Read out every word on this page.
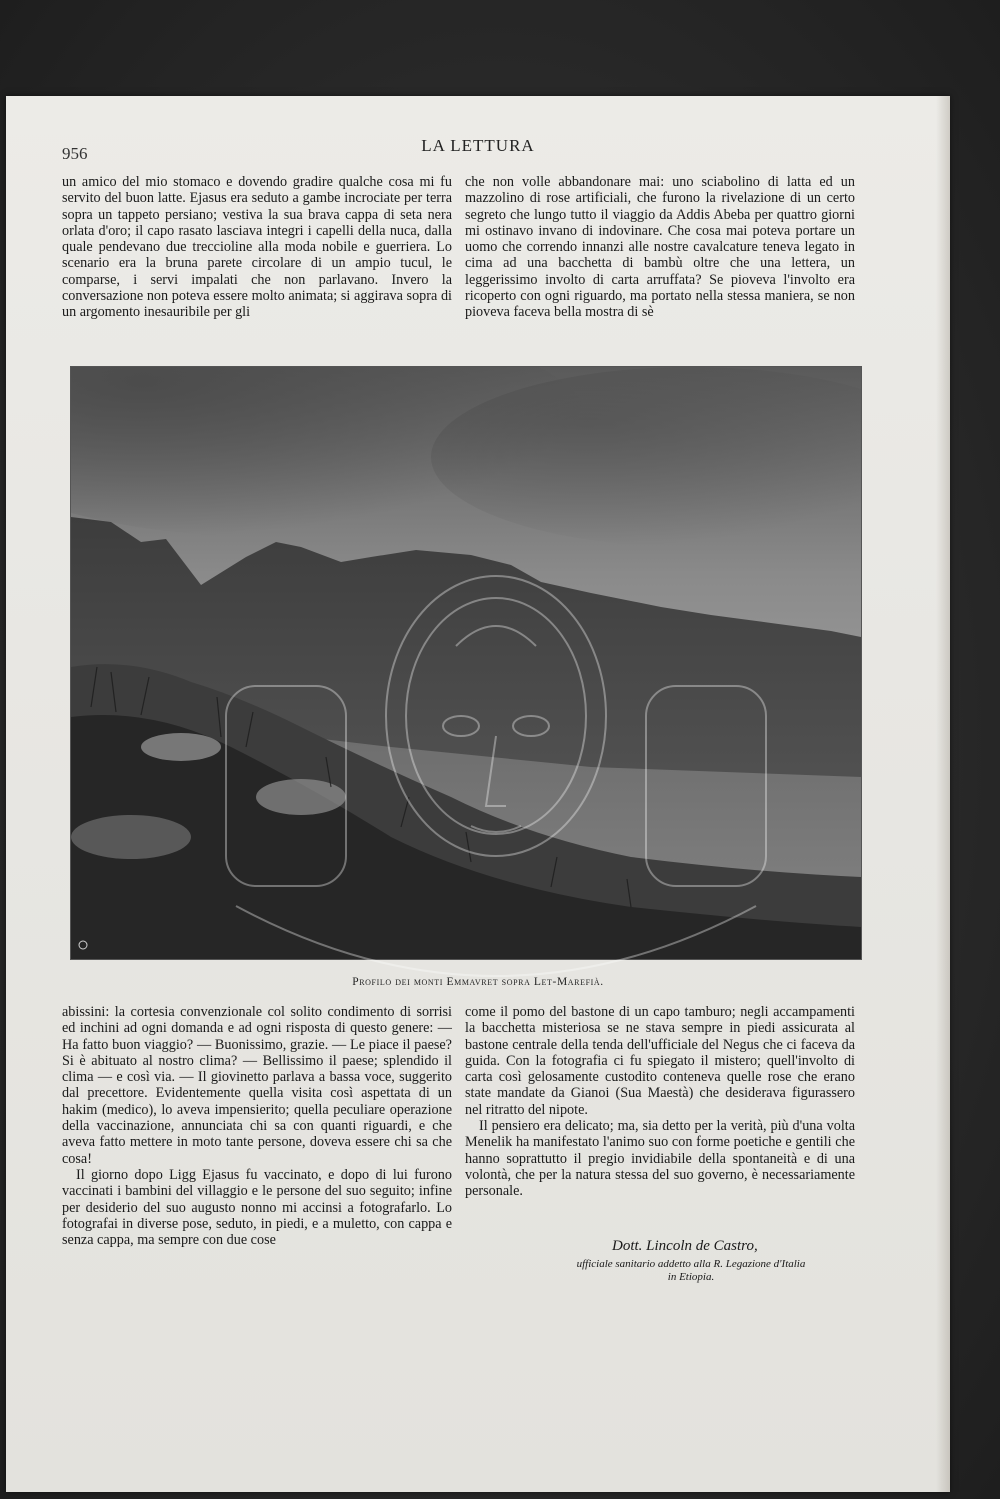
956	LA LETTURA

un amico del mio stomaco e dovendo gradire qualche cosa mi fu servito del buon latte. Ejasus era seduto a gambe incrociate per terra sopra un tappeto persiano; vestiva la sua brava cappa di seta nera orlata d'oro; il capo rasato lasciava integri i capelli della nuca, dalla quale pendevano due treccioline alla moda nobile e guerriera. Lo scenario era la bruna parete circolare di un ampio tucul, le comparse, i servi impalati che non parlavano. Invero la conversazione non poteva essere molto animata; si aggirava sopra di un argomento inesauribile per gli

che non volle abbandonare mai: uno sciabolino di latta ed un mazzolino di rose artificiali, che furono la rivelazione di un certo segreto che lungo tutto il viaggio da Addis Abeba per quattro giorni mi ostinavo invano di indovinare. Che cosa mai poteva portare un uomo che correndo innanzi alle nostre cavalcature teneva legato in cima ad una bacchetta di bambù oltre che una lettera, un leggerissimo involto di carta arruffata? Se pioveva l'involto era ricoperto con ogni riguardo, ma portato nella stessa maniera, se non pioveva faceva bella mostra di sè

Profilo dei monti Emmavret sopra Let-Marefià.

abissini: la cortesia convenzionale col solito condimento di sorrisi ed inchini ad ogni domanda e ad ogni risposta di questo genere: — Ha fatto buon viaggio? — Buonissimo, grazie. — Le piace il paese? Si è abituato al nostro clima? — Bellissimo il paese; splendido il clima — e così via. — Il giovinetto parlava a bassa voce, suggerito dal precettore. Evidentemente quella visita così aspettata di un hakim (medico), lo aveva impensierito; quella peculiare operazione della vaccinazione, annunciata chi sa con quanti riguardi, e che aveva fatto mettere in moto tante persone, doveva essere chi sa che cosa!

Il giorno dopo Ligg Ejasus fu vaccinato, e dopo di lui furono vaccinati i bambini del villaggio e le persone del suo seguito; infine per desiderio del suo augusto nonno mi accinsi a fotografarlo. Lo fotografai in diverse pose, seduto, in piedi, e a muletto, con cappa e senza cappa, ma sempre con due cose

come il pomo del bastone di un capo tamburo; negli accampamenti la bacchetta misteriosa se ne stava sempre in piedi assicurata al bastone centrale della tenda dell'ufficiale del Negus che ci faceva da guida. Con la fotografia ci fu spiegato il mistero; quell'involto di carta così gelosamente custodito conteneva quelle rose che erano state mandate da Gianoi (Sua Maestà) che desiderava figurassero nel ritratto del nipote.

Il pensiero era delicato; ma, sia detto per la verità, più d'una volta Menelik ha manifestato l'animo suo con forme poetiche e gentili che hanno soprattutto il pregio invidiabile della spontaneità e di una volontà, che per la natura stessa del suo governo, è necessariamente personale.

Dott. Lincoln de Castro,
ufficiale sanitario addetto alla R. Legazione d'Italia
in Etiopia.
